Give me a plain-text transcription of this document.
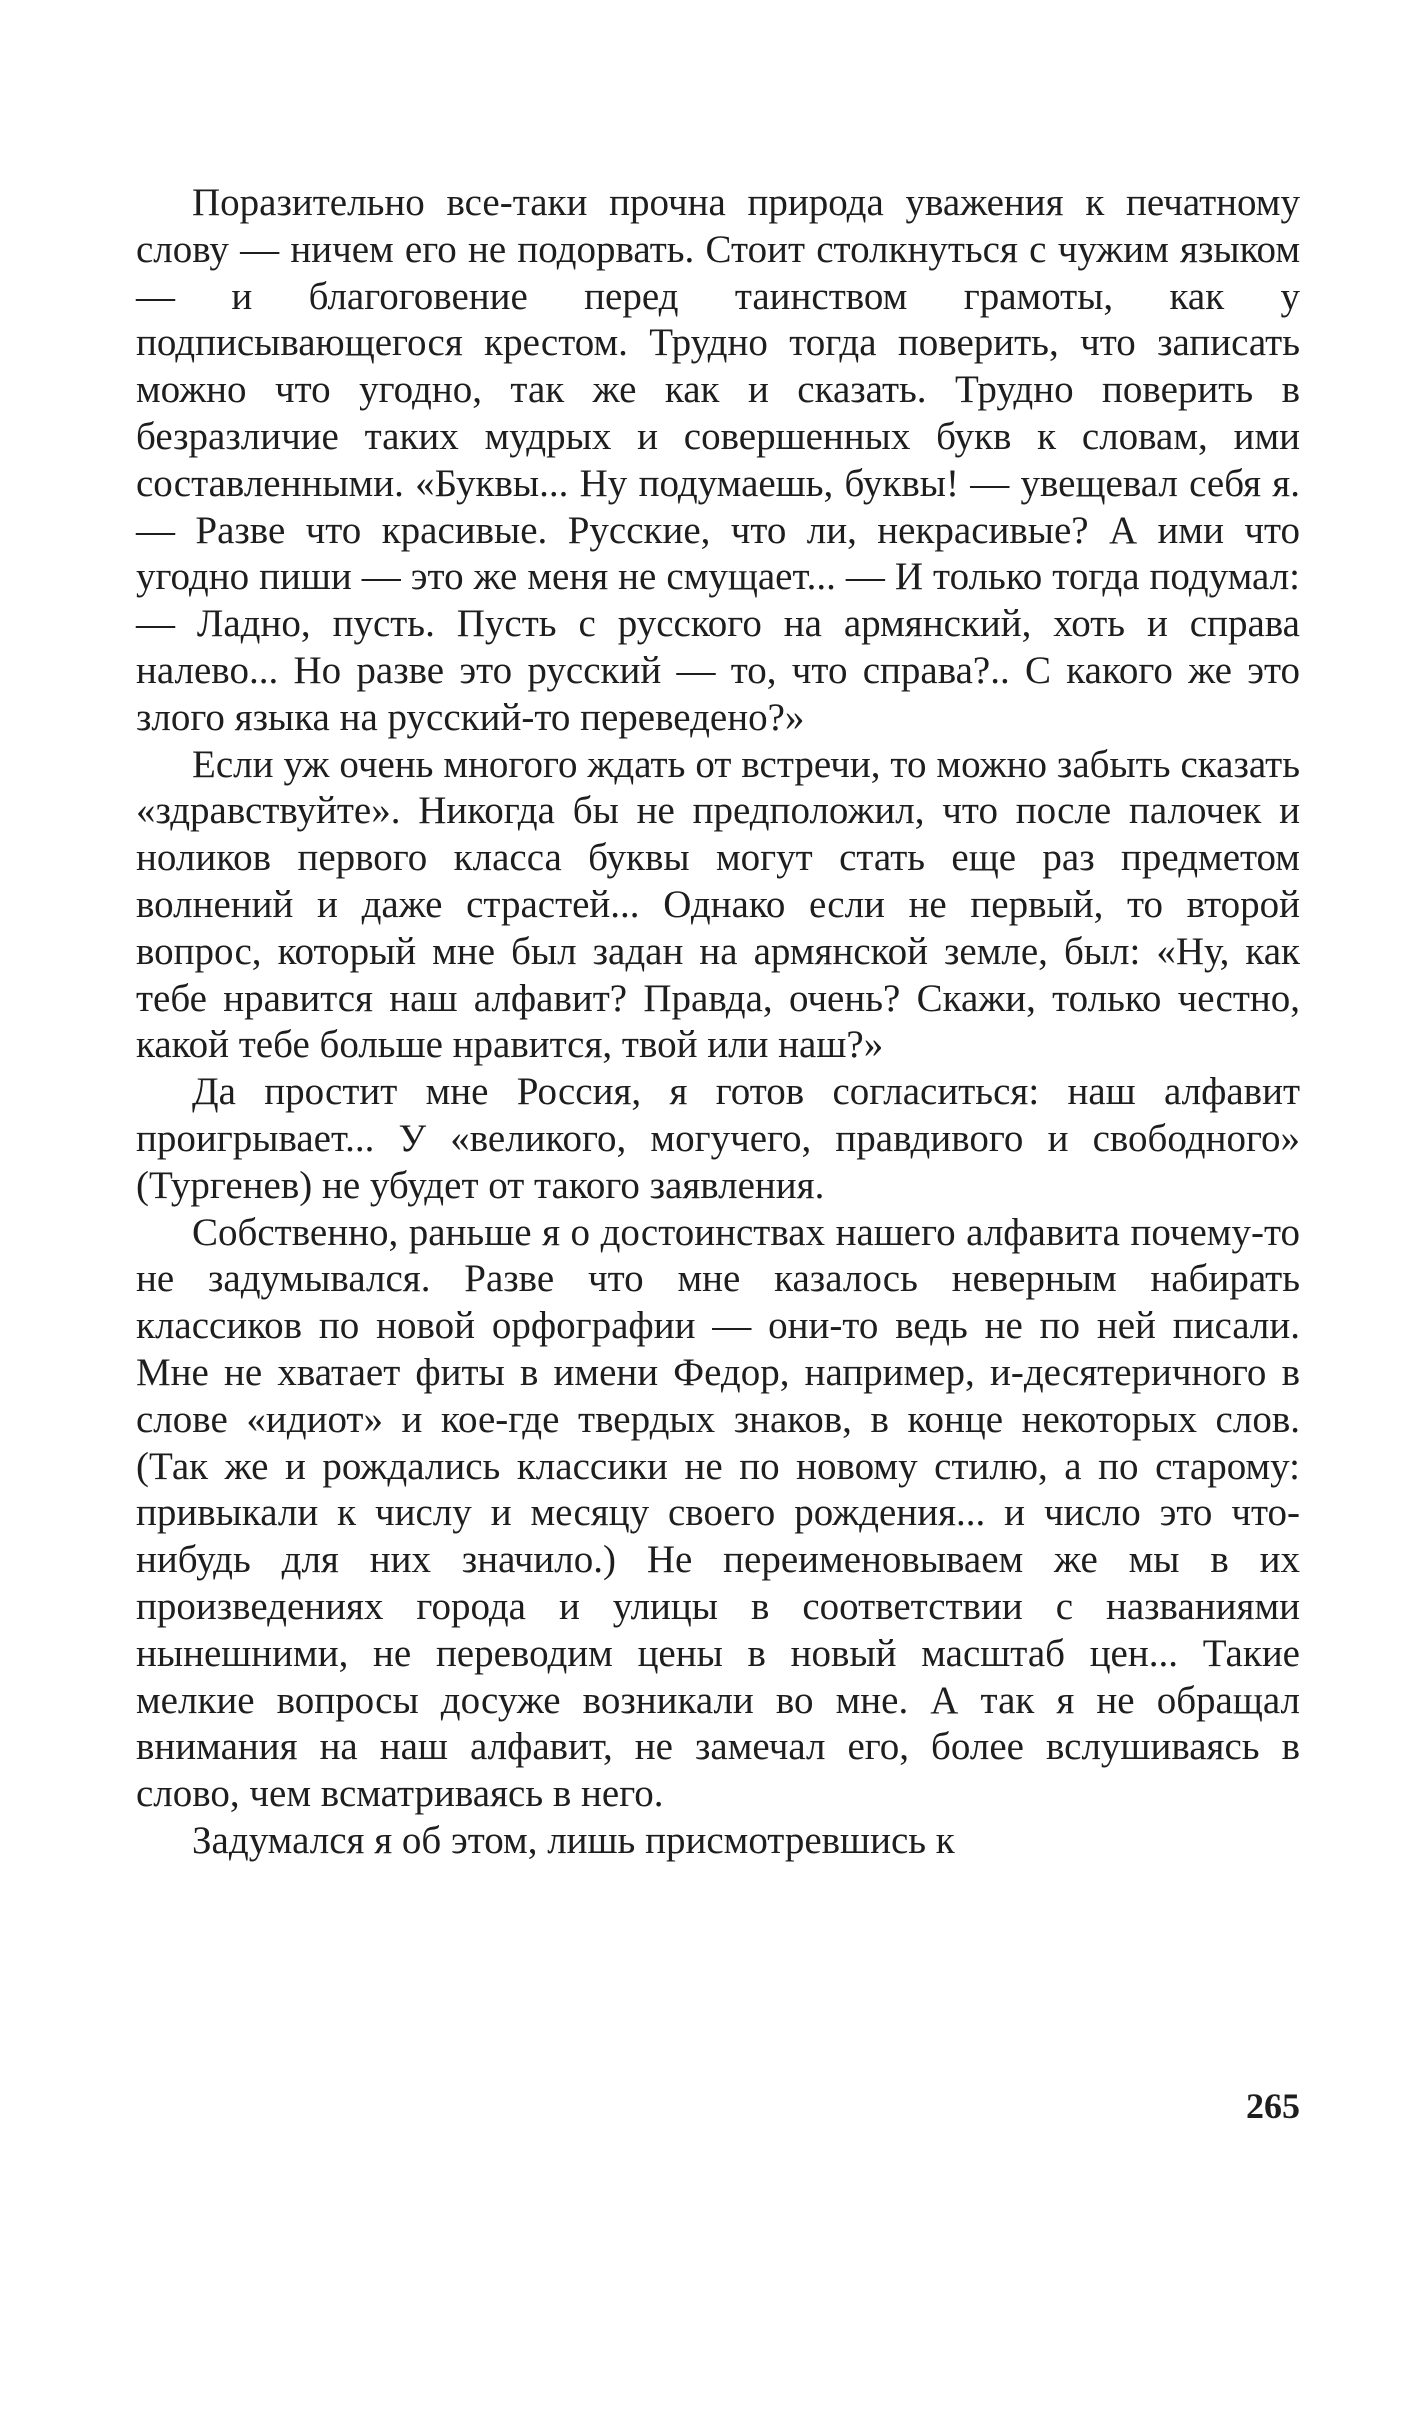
Поразительно все-таки прочна природа уважения к печатному слову — ничем его не подорвать. Стоит столкнуться с чужим языком — и благоговение перед таинством грамоты, как у подписывающегося крестом. Трудно тогда поверить, что записать можно что угодно, так же как и сказать. Трудно поверить в безразличие таких мудрых и совершенных букв к словам, ими составленными. «Буквы... Ну подумаешь, буквы! — увещевал себя я. — Разве что красивые. Русские, что ли, некрасивые? А ими что угодно пиши — это же меня не смущает... — И только тогда подумал: — Ладно, пусть. Пусть с русского на армянский, хоть и справа налево... Но разве это русский — то, что справа?.. С какого же это злого языка на русский-то переведено?»

Если уж очень многого ждать от встречи, то можно забыть сказать «здравствуйте». Никогда бы не предположил, что после палочек и ноликов первого класса буквы могут стать еще раз предметом волнений и даже страстей... Однако если не первый, то второй вопрос, который мне был задан на армянской земле, был: «Ну, как тебе нравится наш алфавит? Правда, очень? Скажи, только честно, какой тебе больше нравится, твой или наш?»

Да простит мне Россия, я готов согласиться: наш алфавит проигрывает... У «великого, могучего, правдивого и свободного» (Тургенев) не убудет от такого заявления.

Собственно, раньше я о достоинствах нашего алфавита почему-то не задумывался. Разве что мне казалось неверным набирать классиков по новой орфографии — они-то ведь не по ней писали. Мне не хватает фиты в имени Федор, например, и-десятеричного в слове «идиот» и кое-где твердых знаков, в конце некоторых слов. (Так же и рождались классики не по новому стилю, а по старому: привыкали к числу и месяцу своего рождения... и число это что-нибудь для них значило.) Не переименовываем же мы в их произведениях города и улицы в соответствии с названиями нынешними, не переводим цены в новый масштаб цен... Такие мелкие вопросы досуже возникали во мне. А так я не обращал внимания на наш алфавит, не замечал его, более вслушиваясь в слово, чем всматриваясь в него.

Задумался я об этом, лишь присмотревшись к

265
